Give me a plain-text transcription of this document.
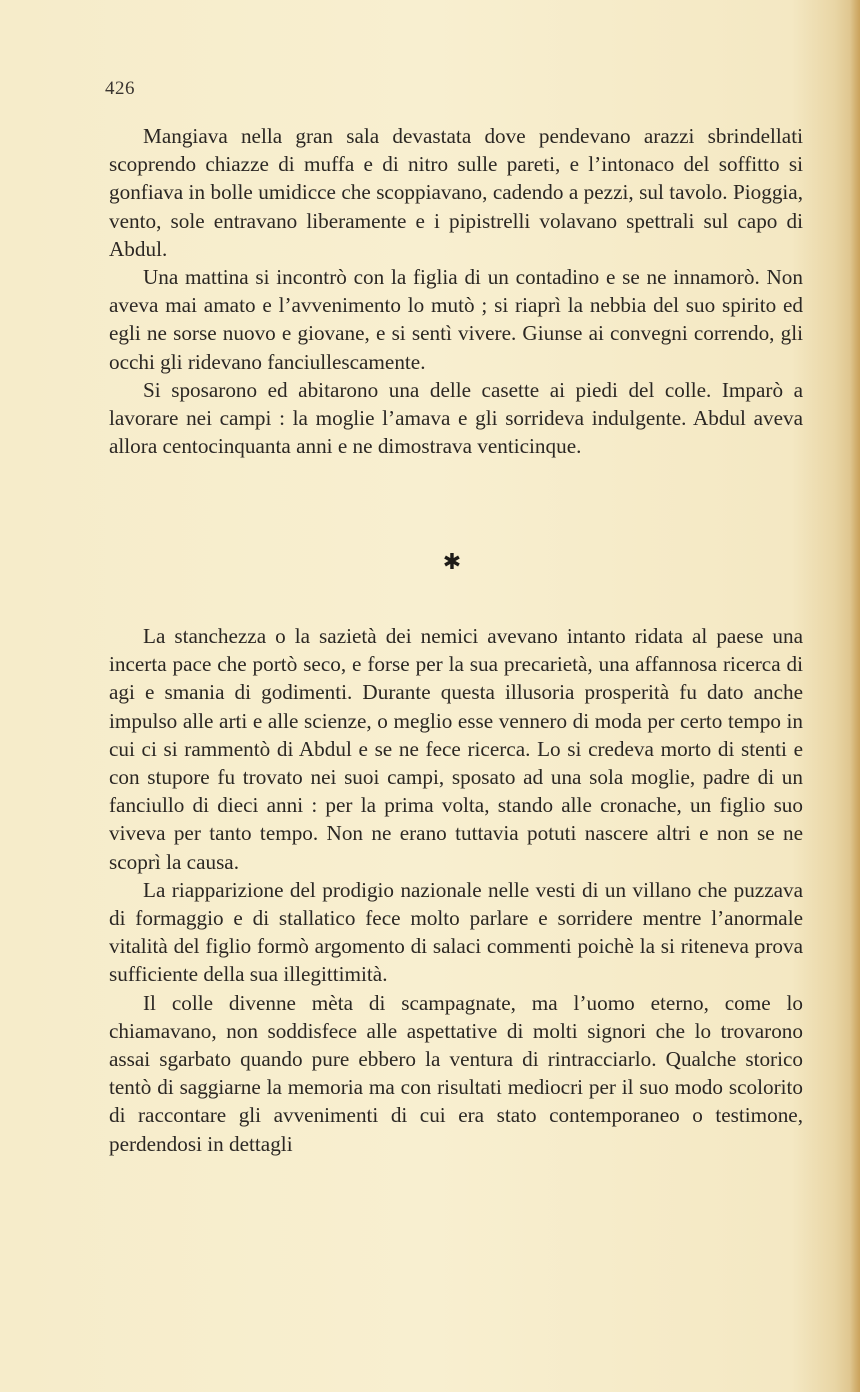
426

Mangiava nella gran sala devastata dove pendevano arazzi sbrindellati scoprendo chiazze di muffa e di nitro sulle pareti, e l’intonaco del soffitto si gonfiava in bolle umidicce che scoppiavano, cadendo a pezzi, sul tavolo. Pioggia, vento, sole entravano liberamente e i pipistrelli volavano spettrali sul capo di Abdul.

Una mattina si incontrò con la figlia di un contadino e se ne innamorò. Non aveva mai amato e l’avvenimento lo mutò ; si riaprì la nebbia del suo spirito ed egli ne sorse nuovo e giovane, e si sentì vivere. Giunse ai convegni correndo, gli occhi gli ridevano fanciullescamente.

Si sposarono ed abitarono una delle casette ai piedi del colle. Imparò a lavorare nei campi : la moglie l’amava e gli sorrideva indulgente. Abdul aveva allora centocinquanta anni e ne dimostrava venticinque.

✱

La stanchezza o la sazietà dei nemici avevano intanto ridata al paese una incerta pace che portò seco, e forse per la sua precarietà, una affannosa ricerca di agi e smania di godimenti. Durante questa illusoria prosperità fu dato anche impulso alle arti e alle scienze, o meglio esse vennero di moda per certo tempo in cui ci si rammentò di Abdul e se ne fece ricerca. Lo si credeva morto di stenti e con stupore fu trovato nei suoi campi, sposato ad una sola moglie, padre di un fanciullo di dieci anni : per la prima volta, stando alle cronache, un figlio suo viveva per tanto tempo. Non ne erano tuttavia potuti nascere altri e non se ne scoprì la causa.

La riapparizione del prodigio nazionale nelle vesti di un villano che puzzava di formaggio e di stallatico fece molto parlare e sorridere mentre l’anormale vitalità del figlio formò argomento di salaci commenti poichè la si riteneva prova sufficiente della sua illegittimità.

Il colle divenne mèta di scampagnate, ma l’uomo eterno, come lo chiamavano, non soddisfece alle aspettative di molti signori che lo trovarono assai sgarbato quando pure ebbero la ventura di rintracciarlo. Qualche storico tentò di saggiarne la memoria ma con risultati mediocri per il suo modo scolorito di raccontare gli avvenimenti di cui era stato contemporaneo o testimone, perdendosi in dettagli
